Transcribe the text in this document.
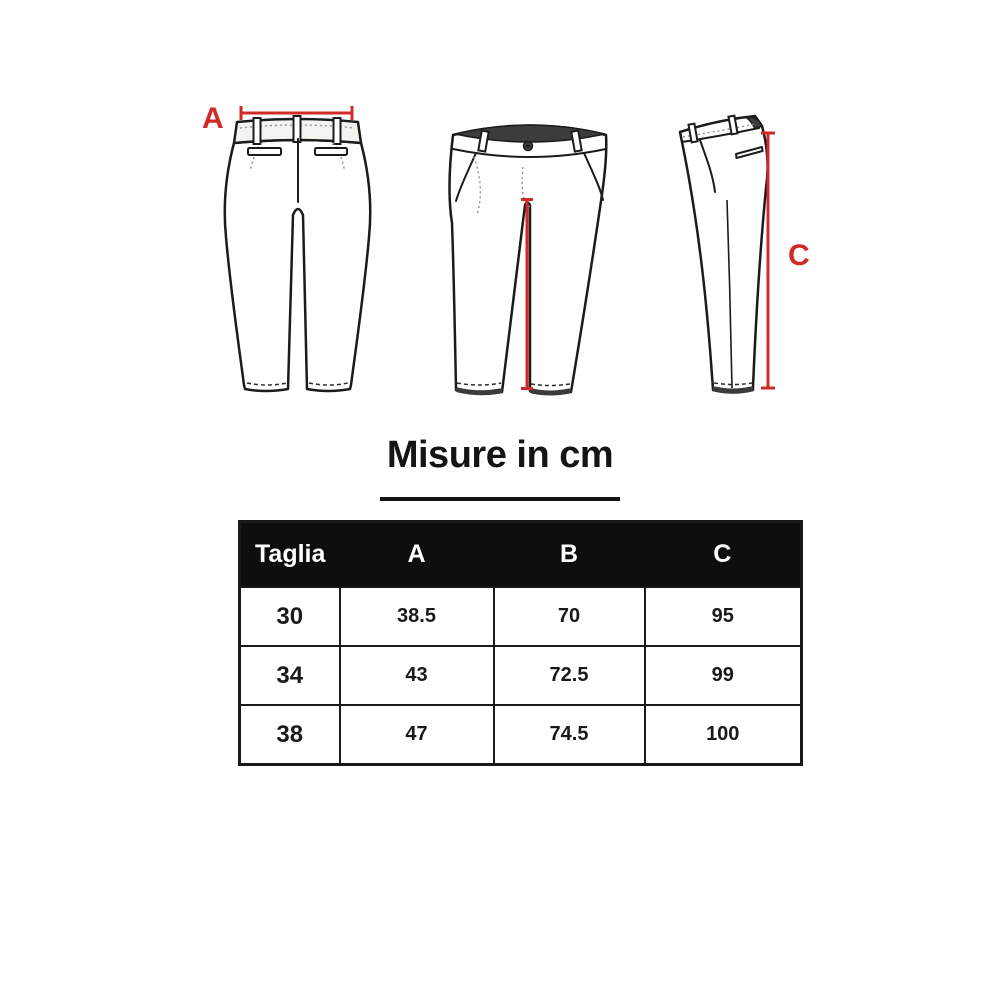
A
C
Misure in cm
Taglia	A	B	C
30	38.5	70	95
34	43	72.5	99
38	47	74.5	100
